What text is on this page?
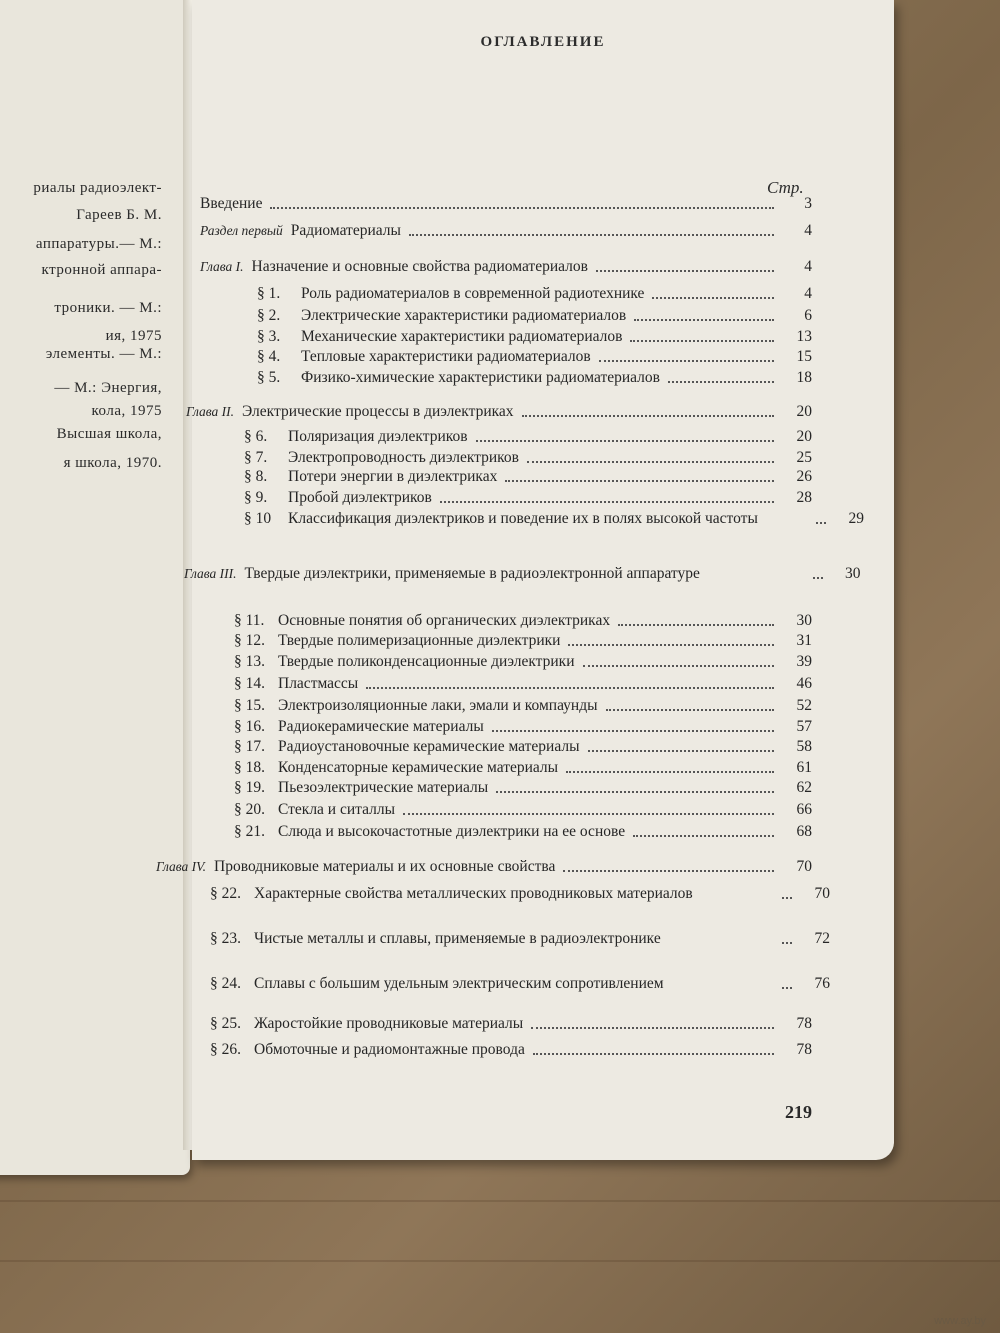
риалы радиоэлект-
Гареев Б. М.
аппаратуры.— М.:
ктронной аппара-
троники. — М.:
ия, 1975
элементы. — М.:
— М.: Энергия,
кола, 1975
Высшая школа,
я школа, 1970.
ОГЛАВЛЕНИЕ
Стр.
Введение	3
Раздел первый Радиоматериалы	4
Глава I. Назначение и основные свойства радиоматериалов	4
§ 1.	Роль радиоматериалов в современной радиотехнике	4
§ 2.	Электрические характеристики радиоматериалов	6
§ 3.	Механические характеристики радиоматериалов	13
§ 4.	Тепловые характеристики радиоматериалов	15
§ 5.	Физико-химические характеристики радиоматериалов	18
Глава II. Электрические процессы в диэлектриках	20
§ 6.	Поляризация диэлектриков	20
§ 7.	Электропроводность диэлектриков	25
§ 8.	Потери энергии в диэлектриках	26
§ 9.	Пробой диэлектриков	28
§ 10	Классификация диэлектриков и поведение их в полях высокой частоты	29
Глава III. Твердые диэлектрики, применяемые в радиоэлектронной аппаратуре	30
§ 11. Основные понятия об органических диэлектриках	30
§ 12. Твердые полимеризационные диэлектрики	31
§ 13. Твердые поликонденсационные диэлектрики	39
§ 14. Пластмассы	46
§ 15. Электроизоляционные лаки, эмали и компаунды	52
§ 16. Радиокерамические материалы	57
§ 17. Радиоустановочные керамические материалы	58
§ 18. Конденсаторные керамические материалы	61
§ 19. Пьезоэлектрические материалы	62
§ 20. Стекла и ситаллы	66
§ 21. Слюда и высокочастотные диэлектрики на ее основе	68
Глава IV. Проводниковые материалы и их основные свойства	70
§ 22. Характерные свойства металлических проводниковых материалов	70
§ 23. Чистые металлы и сплавы, применяемые в радиоэлектронике	72
§ 24. Сплавы с большим удельным электрическим сопротивлением	76
§ 25. Жаростойкие проводниковые материалы	78
§ 26. Обмоточные и радиомонтажные провода	78
219
www.ay.by
